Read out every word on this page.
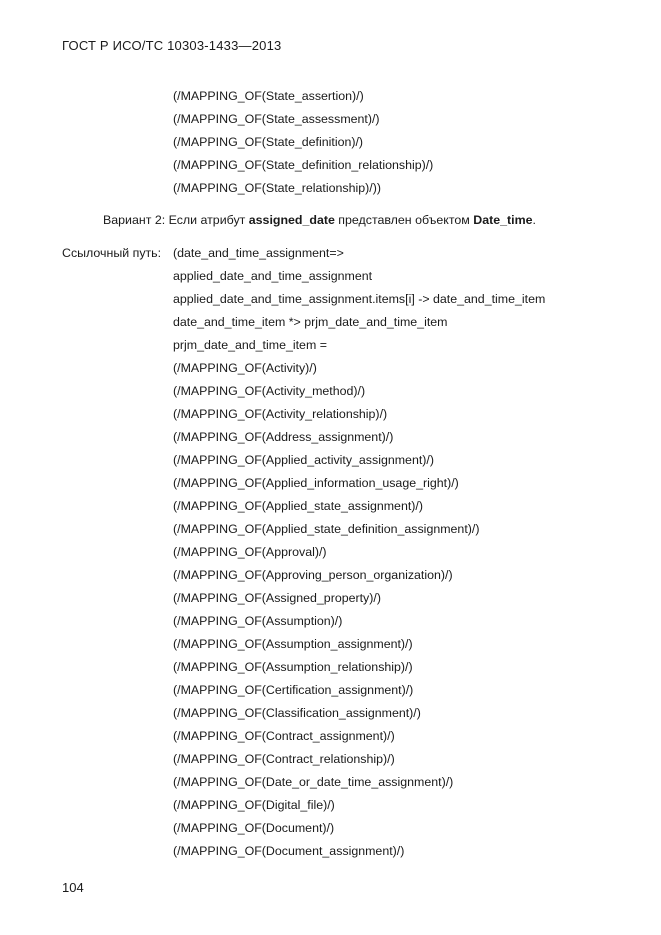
ГОСТ Р ИСО/ТС 10303-1433—2013
(/MAPPING_OF(State_assertion)/)
(/MAPPING_OF(State_assessment)/)
(/MAPPING_OF(State_definition)/)
(/MAPPING_OF(State_definition_relationship)/)
(/MAPPING_OF(State_relationship)/))
Вариант 2: Если атрибут assigned_date представлен объектом Date_time.
Ссылочный путь: (date_and_time_assignment=>
applied_date_and_time_assignment
applied_date_and_time_assignment.items[i] -> date_and_time_item
date_and_time_item *> prjm_date_and_time_item
prjm_date_and_time_item =
(/MAPPING_OF(Activity)/)
(/MAPPING_OF(Activity_method)/)
(/MAPPING_OF(Activity_relationship)/)
(/MAPPING_OF(Address_assignment)/)
(/MAPPING_OF(Applied_activity_assignment)/)
(/MAPPING_OF(Applied_information_usage_right)/)
(/MAPPING_OF(Applied_state_assignment)/)
(/MAPPING_OF(Applied_state_definition_assignment)/)
(/MAPPING_OF(Approval)/)
(/MAPPING_OF(Approving_person_organization)/)
(/MAPPING_OF(Assigned_property)/)
(/MAPPING_OF(Assumption)/)
(/MAPPING_OF(Assumption_assignment)/)
(/MAPPING_OF(Assumption_relationship)/)
(/MAPPING_OF(Certification_assignment)/)
(/MAPPING_OF(Classification_assignment)/)
(/MAPPING_OF(Contract_assignment)/)
(/MAPPING_OF(Contract_relationship)/)
(/MAPPING_OF(Date_or_date_time_assignment)/)
(/MAPPING_OF(Digital_file)/)
(/MAPPING_OF(Document)/)
(/MAPPING_OF(Document_assignment)/)
104
